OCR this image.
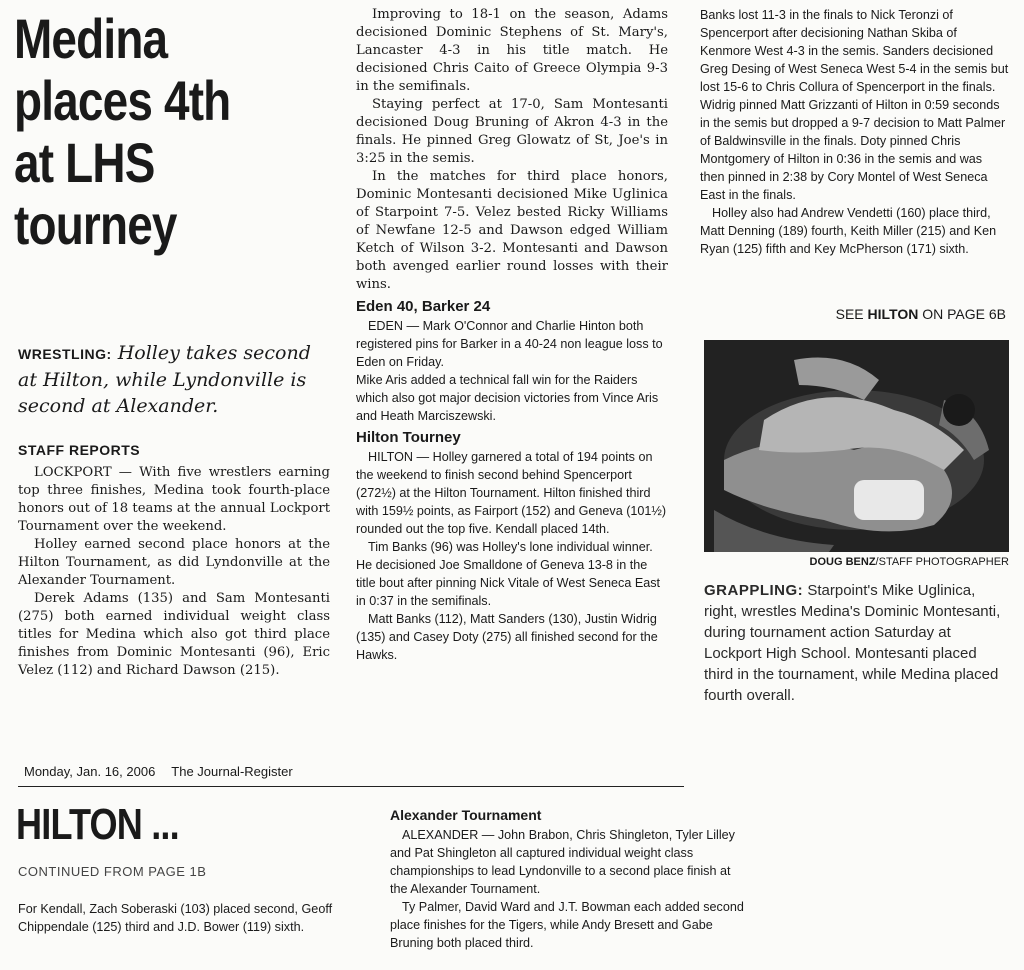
Medina
places 4th
at LHS
tourney
WRESTLING: Holley takes second at Hilton, while Lyndonville is second at Alexander.
STAFF REPORTS

LOCKPORT — With five wrestlers earning top three finishes, Medina took fourth-place honors out of 18 teams at the annual Lockport Tournament over the weekend.

Holley earned second place honors at the Hilton Tournament, as did Lyndonville at the Alexander Tournament.

Derek Adams (135) and Sam Montesanti (275) both earned individual weight class titles for Medina which also got third place finishes from Dominic Montesanti (96), Eric Velez (112) and Richard Dawson (215).

Improving to 18-1 on the season, Adams decisioned Dominic Stephens of St. Mary's, Lancaster 4-3 in his title match. He decisioned Chris Caito of Greece Olympia 9-3 in the semifinals.

Staying perfect at 17-0, Sam Montesanti decisioned Doug Bruning of Akron 4-3 in the finals. He pinned Greg Glowatz of St, Joe's in 3:25 in the semis.

In the matches for third place honors, Dominic Montesanti decisioned Mike Uglinica of Starpoint 7-5. Velez bested Ricky Williams of Newfane 12-5 and Dawson edged William Ketch of Wilson 3-2. Montesanti and Dawson both avenged earlier round losses with their wins.

Eden 40, Barker 24

EDEN — Mark O'Connor and Charlie Hinton both registered pins for Barker in a 40-24 non league loss to Eden on Friday.

Mike Aris added a technical fall win for the Raiders which also got major decision victories from Vince Aris and Heath Marciszewski.

Hilton Tourney

HILTON — Holley garnered a total of 194 points on the weekend to finish second behind Spencerport (272½) at the Hilton Tournament. Hilton finished third with 159½ points, as Fairport (152) and Geneva (101½) rounded out the top five. Kendall placed 14th.

Tim Banks (96) was Holley's lone individual winner. He decisioned Joe Smalldone of Geneva 13-8 in the title bout after pinning Nick Vitale of West Seneca East in 0:37 in the semifinals.

Matt Banks (112), Matt Sanders (130), Justin Widrig (135) and Casey Doty (275) all finished second for the Hawks.

Banks lost 11-3 in the finals to Nick Teronzi of Spencerport after decisioning Nathan Skiba of Kenmore West 4-3 in the semis. Sanders decisioned Greg Desing of West Seneca West 5-4 in the semis but lost 15-6 to Chris Collura of Spencerport in the finals. Widrig pinned Matt Grizzanti of Hilton in 0:59 seconds in the semis but dropped a 9-7 decision to Matt Palmer of Baldwinsville in the finals. Doty pinned Chris Montgomery of Hilton in 0:36 in the semis and was then pinned in 2:38 by Cory Montel of West Seneca East in the finals.

Holley also had Andrew Vendetti (160) place third, Matt Denning (189) fourth, Keith Miller (215) and Ken Ryan (125) fifth and Key McPherson (171) sixth.

SEE HILTON ON PAGE 6B
DOUG BENZ/STAFF PHOTOGRAPHER
GRAPPLING: Starpoint's Mike Uglinica, right, wrestles Medina's Dominic Montesanti, during tournament action Saturday at Lockport High School. Montesanti placed third in the tournament, while Medina placed fourth overall.
Monday, Jan. 16, 2006 The Journal-Register
HILTON ...
CONTINUED FROM PAGE 1B
For Kendall, Zach Soberaski (103) placed second, Geoff Chippendale (125) third and J.D. Bower (119) sixth.
Alexander Tournament

ALEXANDER — John Brabon, Chris Shingleton, Tyler Lilley and Pat Shingleton all captured individual weight class championships to lead Lyndonville to a second place finish at the Alexander Tournament.

Ty Palmer, David Ward and J.T. Bowman each added second place finishes for the Tigers, while Andy Bresett and Gabe Bruning both placed third.
